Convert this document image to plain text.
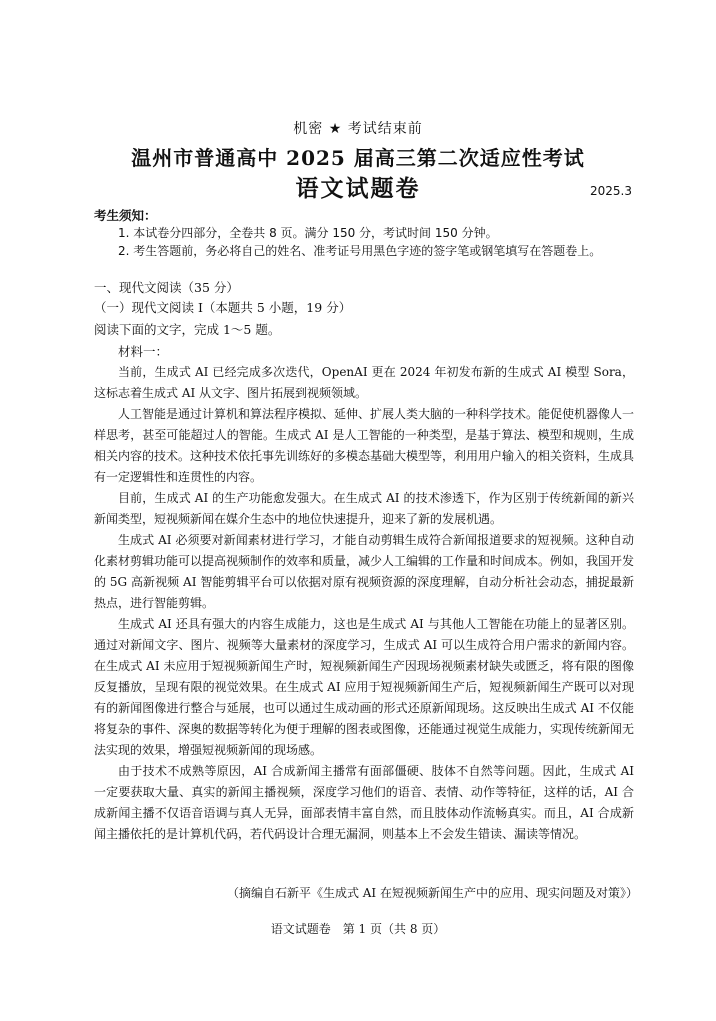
机密 ★ 考试结束前
温州市普通高中 2025 届高三第二次适应性考试
语文试题卷	2025.3
考生须知：
1. 本试卷分四部分，全卷共 8 页。满分 150 分，考试时间 150 分钟。
2. 考生答题前，务必将自己的姓名、准考证号用黑色字迹的签字笔或钢笔填写在答题卷上。
一、现代文阅读（35 分）
（一）现代文阅读 I（本题共 5 小题，19 分）
阅读下面的文字，完成 1～5 题。
材料一：

当前，生成式 AI 已经完成多次迭代，OpenAI 更在 2024 年初发布新的生成式 AI 模型 Sora，这标志着生成式 AI 从文字、图片拓展到视频领域。

人工智能是通过计算机和算法程序模拟、延伸、扩展人类大脑的一种科学技术。能促使机器像人一样思考，甚至可能超过人的智能。生成式 AI 是人工智能的一种类型，是基于算法、模型和规则，生成相关内容的技术。这种技术依托事先训练好的多模态基础大模型等，利用用户输入的相关资料，生成具有一定逻辑性和连贯性的内容。

目前，生成式 AI 的生产功能愈发强大。在生成式 AI 的技术渗透下，作为区别于传统新闻的新兴新闻类型，短视频新闻在媒介生态中的地位快速提升，迎来了新的发展机遇。

生成式 AI 必须要对新闻素材进行学习，才能自动剪辑生成符合新闻报道要求的短视频。这种自动化素材剪辑功能可以提高视频制作的效率和质量，减少人工编辑的工作量和时间成本。例如，我国开发的 5G 高新视频 AI 智能剪辑平台可以依据对原有视频资源的深度理解，自动分析社会动态，捕捉最新热点，进行智能剪辑。

生成式 AI 还具有强大的内容生成能力，这也是生成式 AI 与其他人工智能在功能上的显著区别。通过对新闻文字、图片、视频等大量素材的深度学习，生成式 AI 可以生成符合用户需求的新闻内容。在生成式 AI 未应用于短视频新闻生产时，短视频新闻生产因现场视频素材缺失或匮乏，将有限的图像反复播放，呈现有限的视觉效果。在生成式 AI 应用于短视频新闻生产后，短视频新闻生产既可以对现有的新闻图像进行整合与延展，也可以通过生成动画的形式还原新闻现场。这反映出生成式 AI 不仅能将复杂的事件、深奥的数据等转化为便于理解的图表或图像，还能通过视觉生成能力，实现传统新闻无法实现的效果，增强短视频新闻的现场感。

由于技术不成熟等原因，AI 合成新闻主播常有面部僵硬、肢体不自然等问题。因此，生成式 AI 一定要获取大量、真实的新闻主播视频，深度学习他们的语音、表情、动作等特征，这样的话，AI 合成新闻主播不仅语音语调与真人无异，面部表情丰富自然，而且肢体动作流畅真实。而且，AI 合成新闻主播依托的是计算机代码，若代码设计合理无漏洞，则基本上不会发生错读、漏读等情况。

（摘编自石新平《生成式 AI 在短视频新闻生产中的应用、现实问题及对策》）
语文试题卷　第 1 页（共 8 页）
